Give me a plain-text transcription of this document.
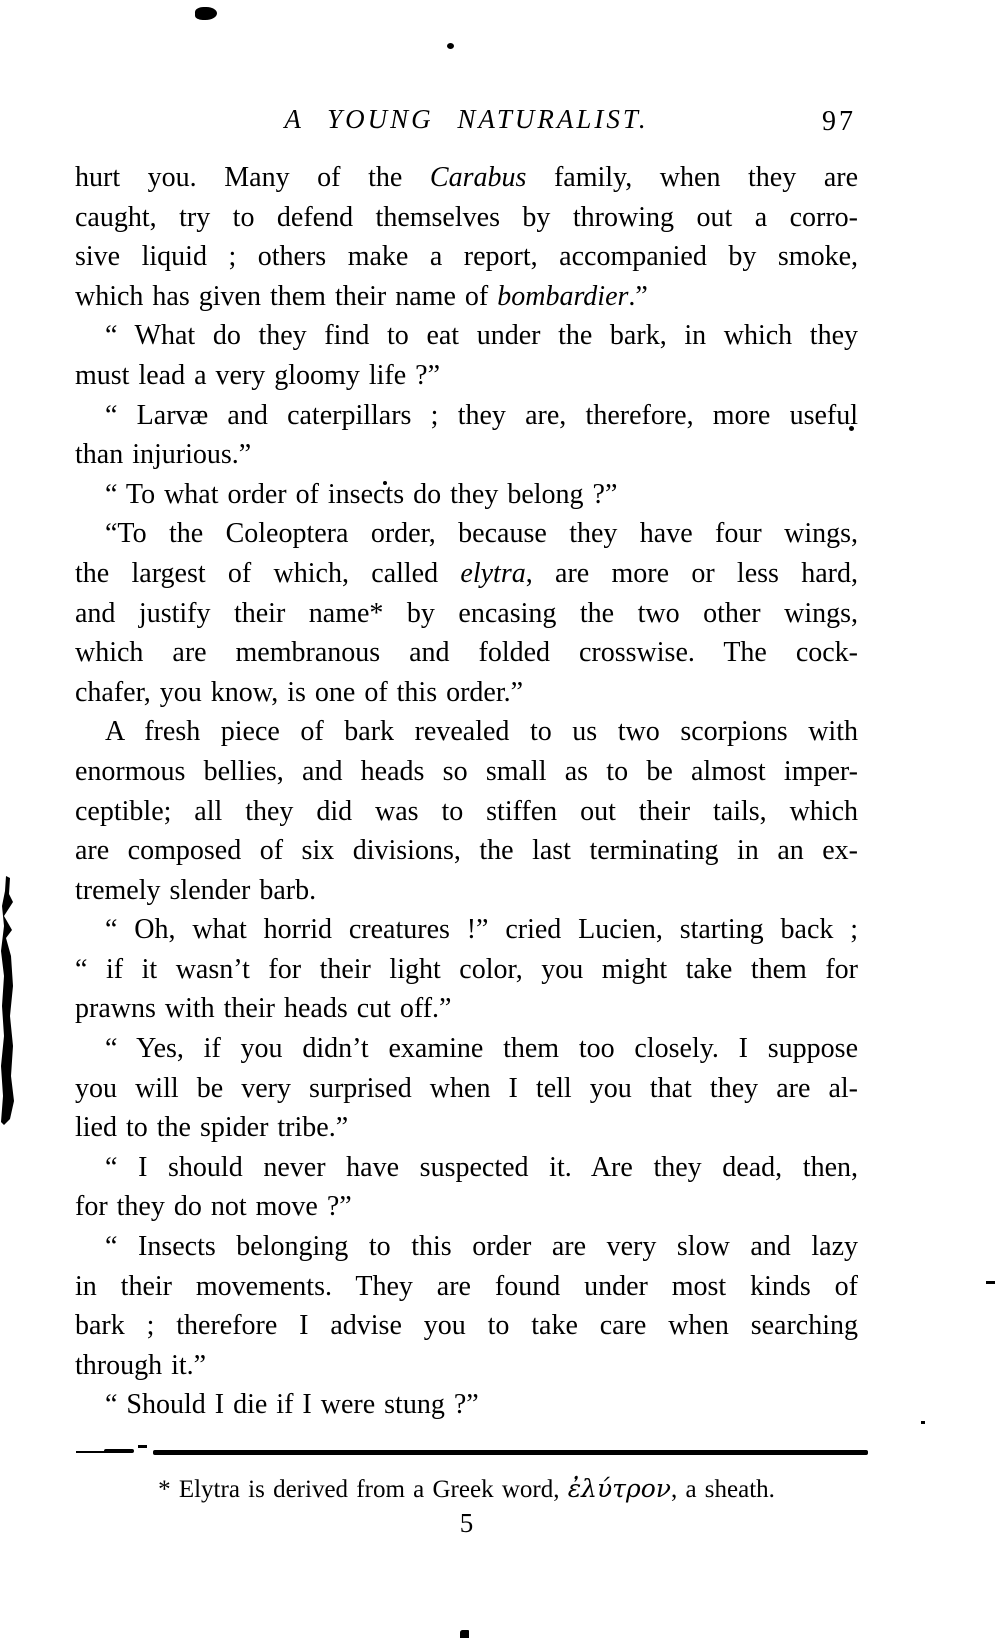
A YOUNG NATURALIST.	97
hurt you. Many of the Carabus family, when they are
caught, try to defend themselves by throwing out a corro-
sive liquid ; others make a report, accompanied by smoke,
which has given them their name of bombardier.”
“ What do they find to eat under the bark, in which they
must lead a very gloomy life ?”
“ Larvæ and caterpillars ; they are, therefore, more useful
than injurious.”
“ To what order of insects do they belong ?”
“To the Coleoptera order, because they have four wings,
the largest of which, called elytra, are more or less hard,
and justify their name* by encasing the two other wings,
which are membranous and folded crosswise. The cock-
chafer, you know, is one of this order.”
A fresh piece of bark revealed to us two scorpions with
enormous bellies, and heads so small as to be almost imper-
ceptible; all they did was to stiffen out their tails, which
are composed of six divisions, the last terminating in an ex-
tremely slender barb.
“ Oh, what horrid creatures !” cried Lucien, starting back ;
“ if it wasn’t for their light color, you might take them for
prawns with their heads cut off.”
“ Yes, if you didn’t examine them too closely. I suppose
you will be very surprised when I tell you that they are al-
lied to the spider tribe.”
“ I should never have suspected it. Are they dead, then,
for they do not move ?”
“ Insects belonging to this order are very slow and lazy
in their movements. They are found under most kinds of
bark ; therefore I advise you to take care when searching
through it.”
“ Should I die if I were stung ?”
* Elytra is derived from a Greek word, ἐλύτρον, a sheath.
5
